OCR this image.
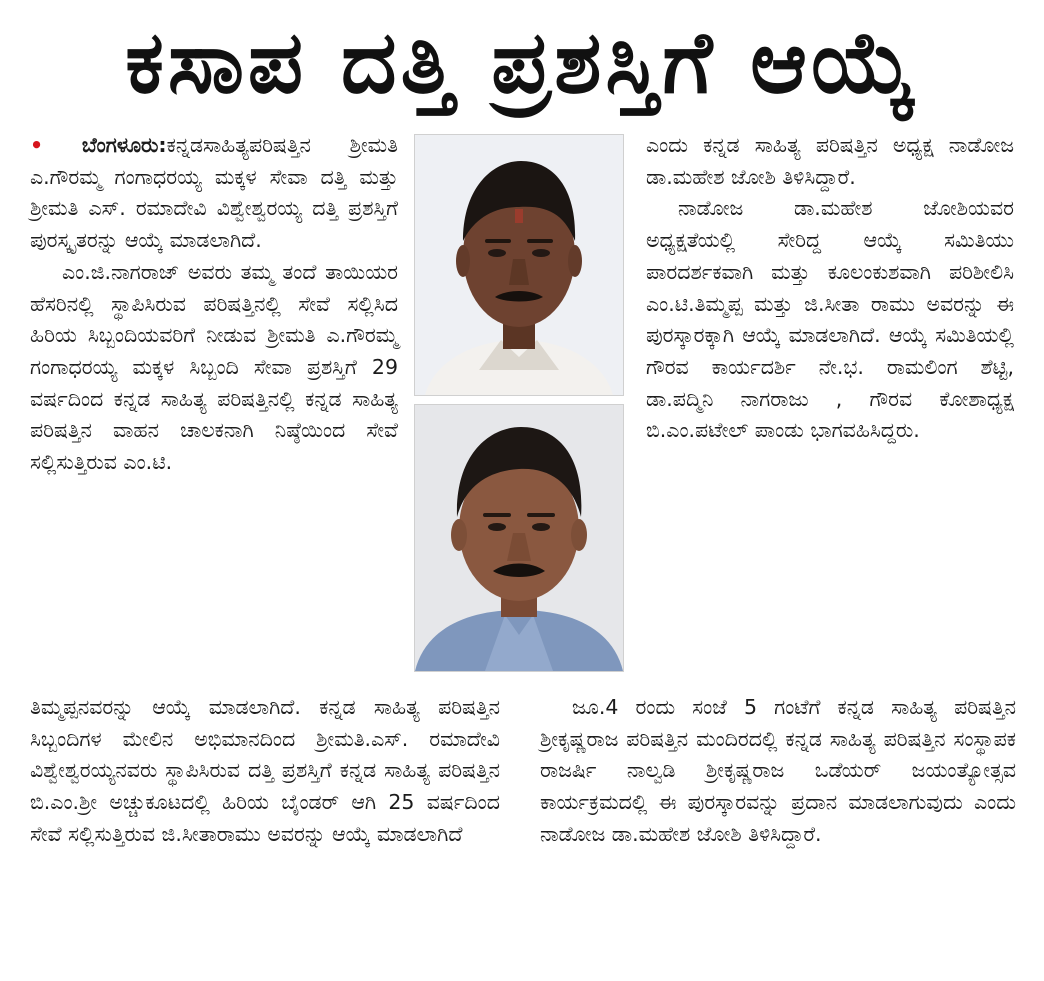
ಕಸಾಪ ದತ್ತಿ ಪ್ರಶಸ್ತಿಗೆ ಆಯ್ಕೆ

• ಬೆಂಗಳೂರು:ಕನ್ನಡಸಾಹಿತ್ಯಪರಿಷತ್ತಿನ ಶ್ರೀಮತಿ ಎ.ಗೌರಮ್ಮ ಗಂಗಾಧರಯ್ಯ ಮಕ್ಕಳ ಸೇವಾ ದತ್ತಿ ಮತ್ತು ಶ್ರೀಮತಿ ಎಸ್. ರಮಾದೇವಿ ವಿಶ್ವೇಶ್ವರಯ್ಯ ದತ್ತಿ ಪ್ರಶಸ್ತಿಗೆ ಪುರಸ್ಕೃತರನ್ನು ಆಯ್ಕೆ ಮಾಡಲಾಗಿದೆ.

ಎಂ.ಜಿ.ನಾಗರಾಜ್ ಅವರು ತಮ್ಮ ತಂದೆ ತಾಯಿಯರ ಹೆಸರಿನಲ್ಲಿ ಸ್ಥಾಪಿಸಿರುವ ಪರಿಷತ್ತಿನಲ್ಲಿ ಸೇವೆ ಸಲ್ಲಿಸಿದ ಹಿರಿಯ ಸಿಬ್ಬಂದಿಯವರಿಗೆ ನೀಡುವ ಶ್ರೀಮತಿ ಎ.ಗೌರಮ್ಮ ಗಂಗಾಧರಯ್ಯ ಮಕ್ಕಳ ಸಿಬ್ಬಂದಿ ಸೇವಾ ಪ್ರಶಸ್ತಿಗೆ 29 ವರ್ಷದಿಂದ ಕನ್ನಡ ಸಾಹಿತ್ಯ ಪರಿಷತ್ತಿನಲ್ಲಿ ಕನ್ನಡ ಸಾಹಿತ್ಯ ಪರಿಷತ್ತಿನ ವಾಹನ ಚಾಲಕನಾಗಿ ನಿಷ್ಠೆಯಿಂದ ಸೇವೆ ಸಲ್ಲಿಸುತ್ತಿರುವ ಎಂ.ಟಿ.

ಎಂದು ಕನ್ನಡ ಸಾಹಿತ್ಯ ಪರಿಷತ್ತಿನ ಅಧ್ಯಕ್ಷ ನಾಡೋಜ ಡಾ.ಮಹೇಶ ಜೋಶಿ ತಿಳಿಸಿದ್ದಾರೆ.

ನಾಡೋಜ ಡಾ.ಮಹೇಶ ಜೋಶಿಯವರ ಅಧ್ಯಕ್ಷತೆಯಲ್ಲಿ ಸೇರಿದ್ದ ಆಯ್ಕೆ ಸಮಿತಿಯು ಪಾರದರ್ಶಕವಾಗಿ ಮತ್ತು ಕೂಲಂಕುಶವಾಗಿ ಪರಿಶೀಲಿಸಿ ಎಂ.ಟಿ.ತಿಮ್ಮಪ್ಪ ಮತ್ತು ಜಿ.ಸೀತಾ ರಾಮು ಅವರನ್ನು ಈ ಪುರಸ್ಕಾರಕ್ಕಾಗಿ ಆಯ್ಕೆ ಮಾಡಲಾಗಿದೆ. ಆಯ್ಕೆ ಸಮಿತಿಯಲ್ಲಿ ಗೌರವ ಕಾರ್ಯದರ್ಶಿ ನೇ.ಭ. ರಾಮಲಿಂಗ ಶೆಟ್ಟಿ, ಡಾ.ಪದ್ಮಿನಿ ನಾಗರಾಜು , ಗೌರವ ಕೋಶಾಧ್ಯಕ್ಷ ಬಿ.ಎಂ.ಪಟೇಲ್ ಪಾಂಡು ಭಾಗವಹಿಸಿದ್ದರು.

ತಿಮ್ಮಪ್ಪನವರನ್ನು ಆಯ್ಕೆ ಮಾಡಲಾಗಿದೆ. ಕನ್ನಡ ಸಾಹಿತ್ಯ ಪರಿಷತ್ತಿನ ಸಿಬ್ಬಂದಿಗಳ ಮೇಲಿನ ಅಭಿಮಾನದಿಂದ ಶ್ರೀಮತಿ.ಎಸ್. ರಮಾದೇವಿ ವಿಶ್ವೇಶ್ವರಯ್ಯನವರು ಸ್ಥಾಪಿಸಿರುವ ದತ್ತಿ ಪ್ರಶಸ್ತಿಗೆ ಕನ್ನಡ ಸಾಹಿತ್ಯ ಪರಿಷತ್ತಿನ ಬಿ.ಎಂ.ಶ್ರೀ ಅಚ್ಚುಕೂಟದಲ್ಲಿ ಹಿರಿಯ ಬೈಂಡರ್ ಆಗಿ 25 ವರ್ಷದಿಂದ ಸೇವೆ ಸಲ್ಲಿಸುತ್ತಿರುವ ಜಿ.ಸೀತಾರಾಮು ಅವರನ್ನು ಆಯ್ಕೆ ಮಾಡಲಾಗಿದೆ

ಜೂ.4 ರಂದು ಸಂಜೆ 5 ಗಂಟೆಗೆ ಕನ್ನಡ ಸಾಹಿತ್ಯ ಪರಿಷತ್ತಿನ ಶ್ರೀಕೃಷ್ಣರಾಜ ಪರಿಷತ್ತಿನ ಮಂದಿರದಲ್ಲಿ ಕನ್ನಡ ಸಾಹಿತ್ಯ ಪರಿಷತ್ತಿನ ಸಂಸ್ಥಾಪಕ ರಾಜರ್ಷಿ ನಾಲ್ವಡಿ ಶ್ರೀಕೃಷ್ಣರಾಜ ಒಡೆಯರ್ ಜಯಂತ್ಯೋತ್ಸವ ಕಾರ್ಯಕ್ರಮದಲ್ಲಿ ಈ ಪುರಸ್ಕಾರವನ್ನು ಪ್ರದಾನ ಮಾಡಲಾಗುವುದು ಎಂದು ನಾಡೋಜ ಡಾ.ಮಹೇಶ ಜೋಶಿ ತಿಳಿಸಿದ್ದಾರೆ.
